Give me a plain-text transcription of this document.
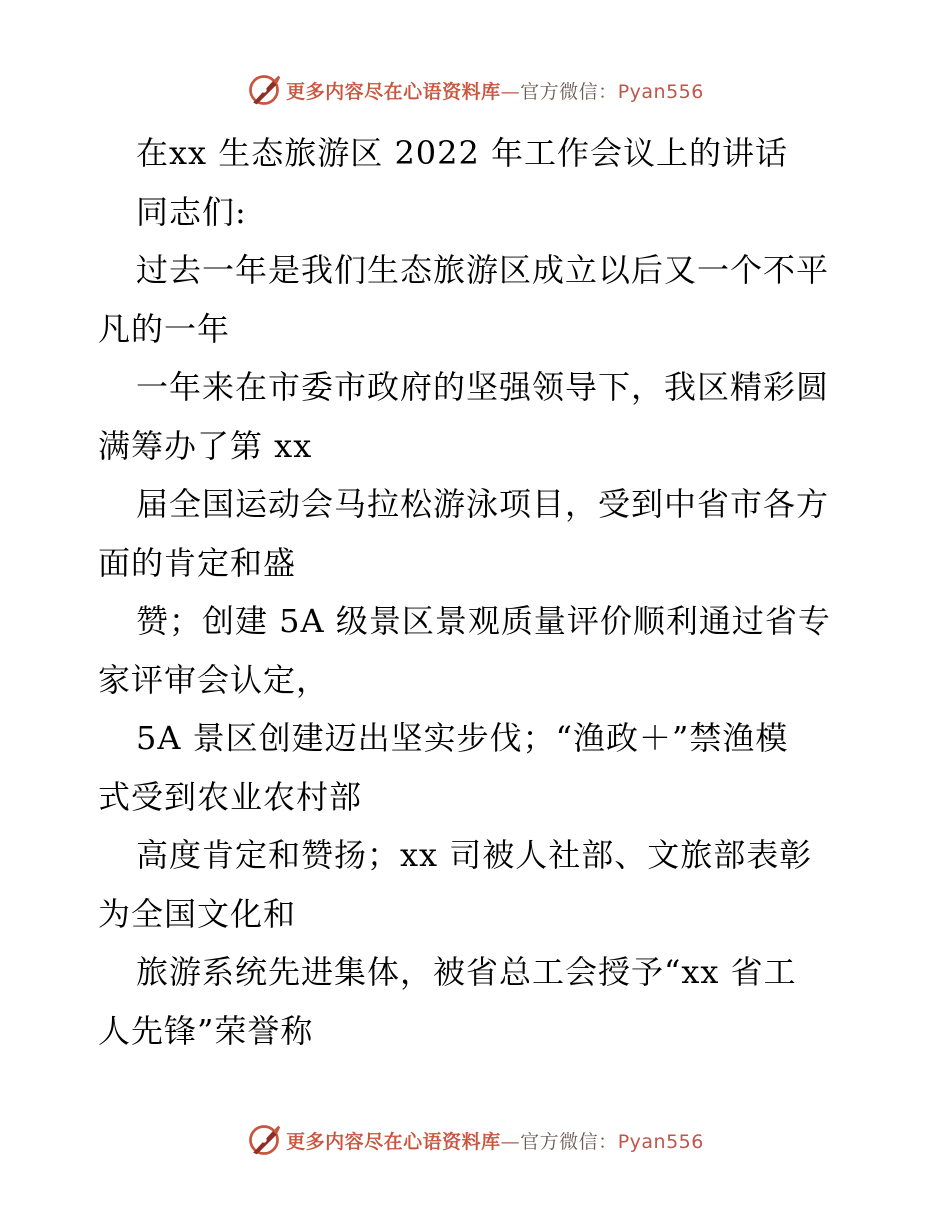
更多内容尽在心语资料库—官方微信：Pyan556
在xx 生态旅游区 2022 年工作会议上的讲话
同志们:
过去一年是我们生态旅游区成立以后又一个不平
凡的一年
一年来在市委市政府的坚强领导下，我区精彩圆
满筹办了第 xx
届全国运动会马拉松游泳项目，受到中省市各方
面的肯定和盛
赞；创建 5A 级景区景观质量评价顺利通过省专
家评审会认定，
5A 景区创建迈出坚实步伐；“渔政＋”禁渔模
式受到农业农村部
高度肯定和赞扬；xx 司被人社部、文旅部表彰
为全国文化和
旅游系统先进集体，被省总工会授予“xx 省工
人先锋”荣誉称
更多内容尽在心语资料库—官方微信：Pyan556
